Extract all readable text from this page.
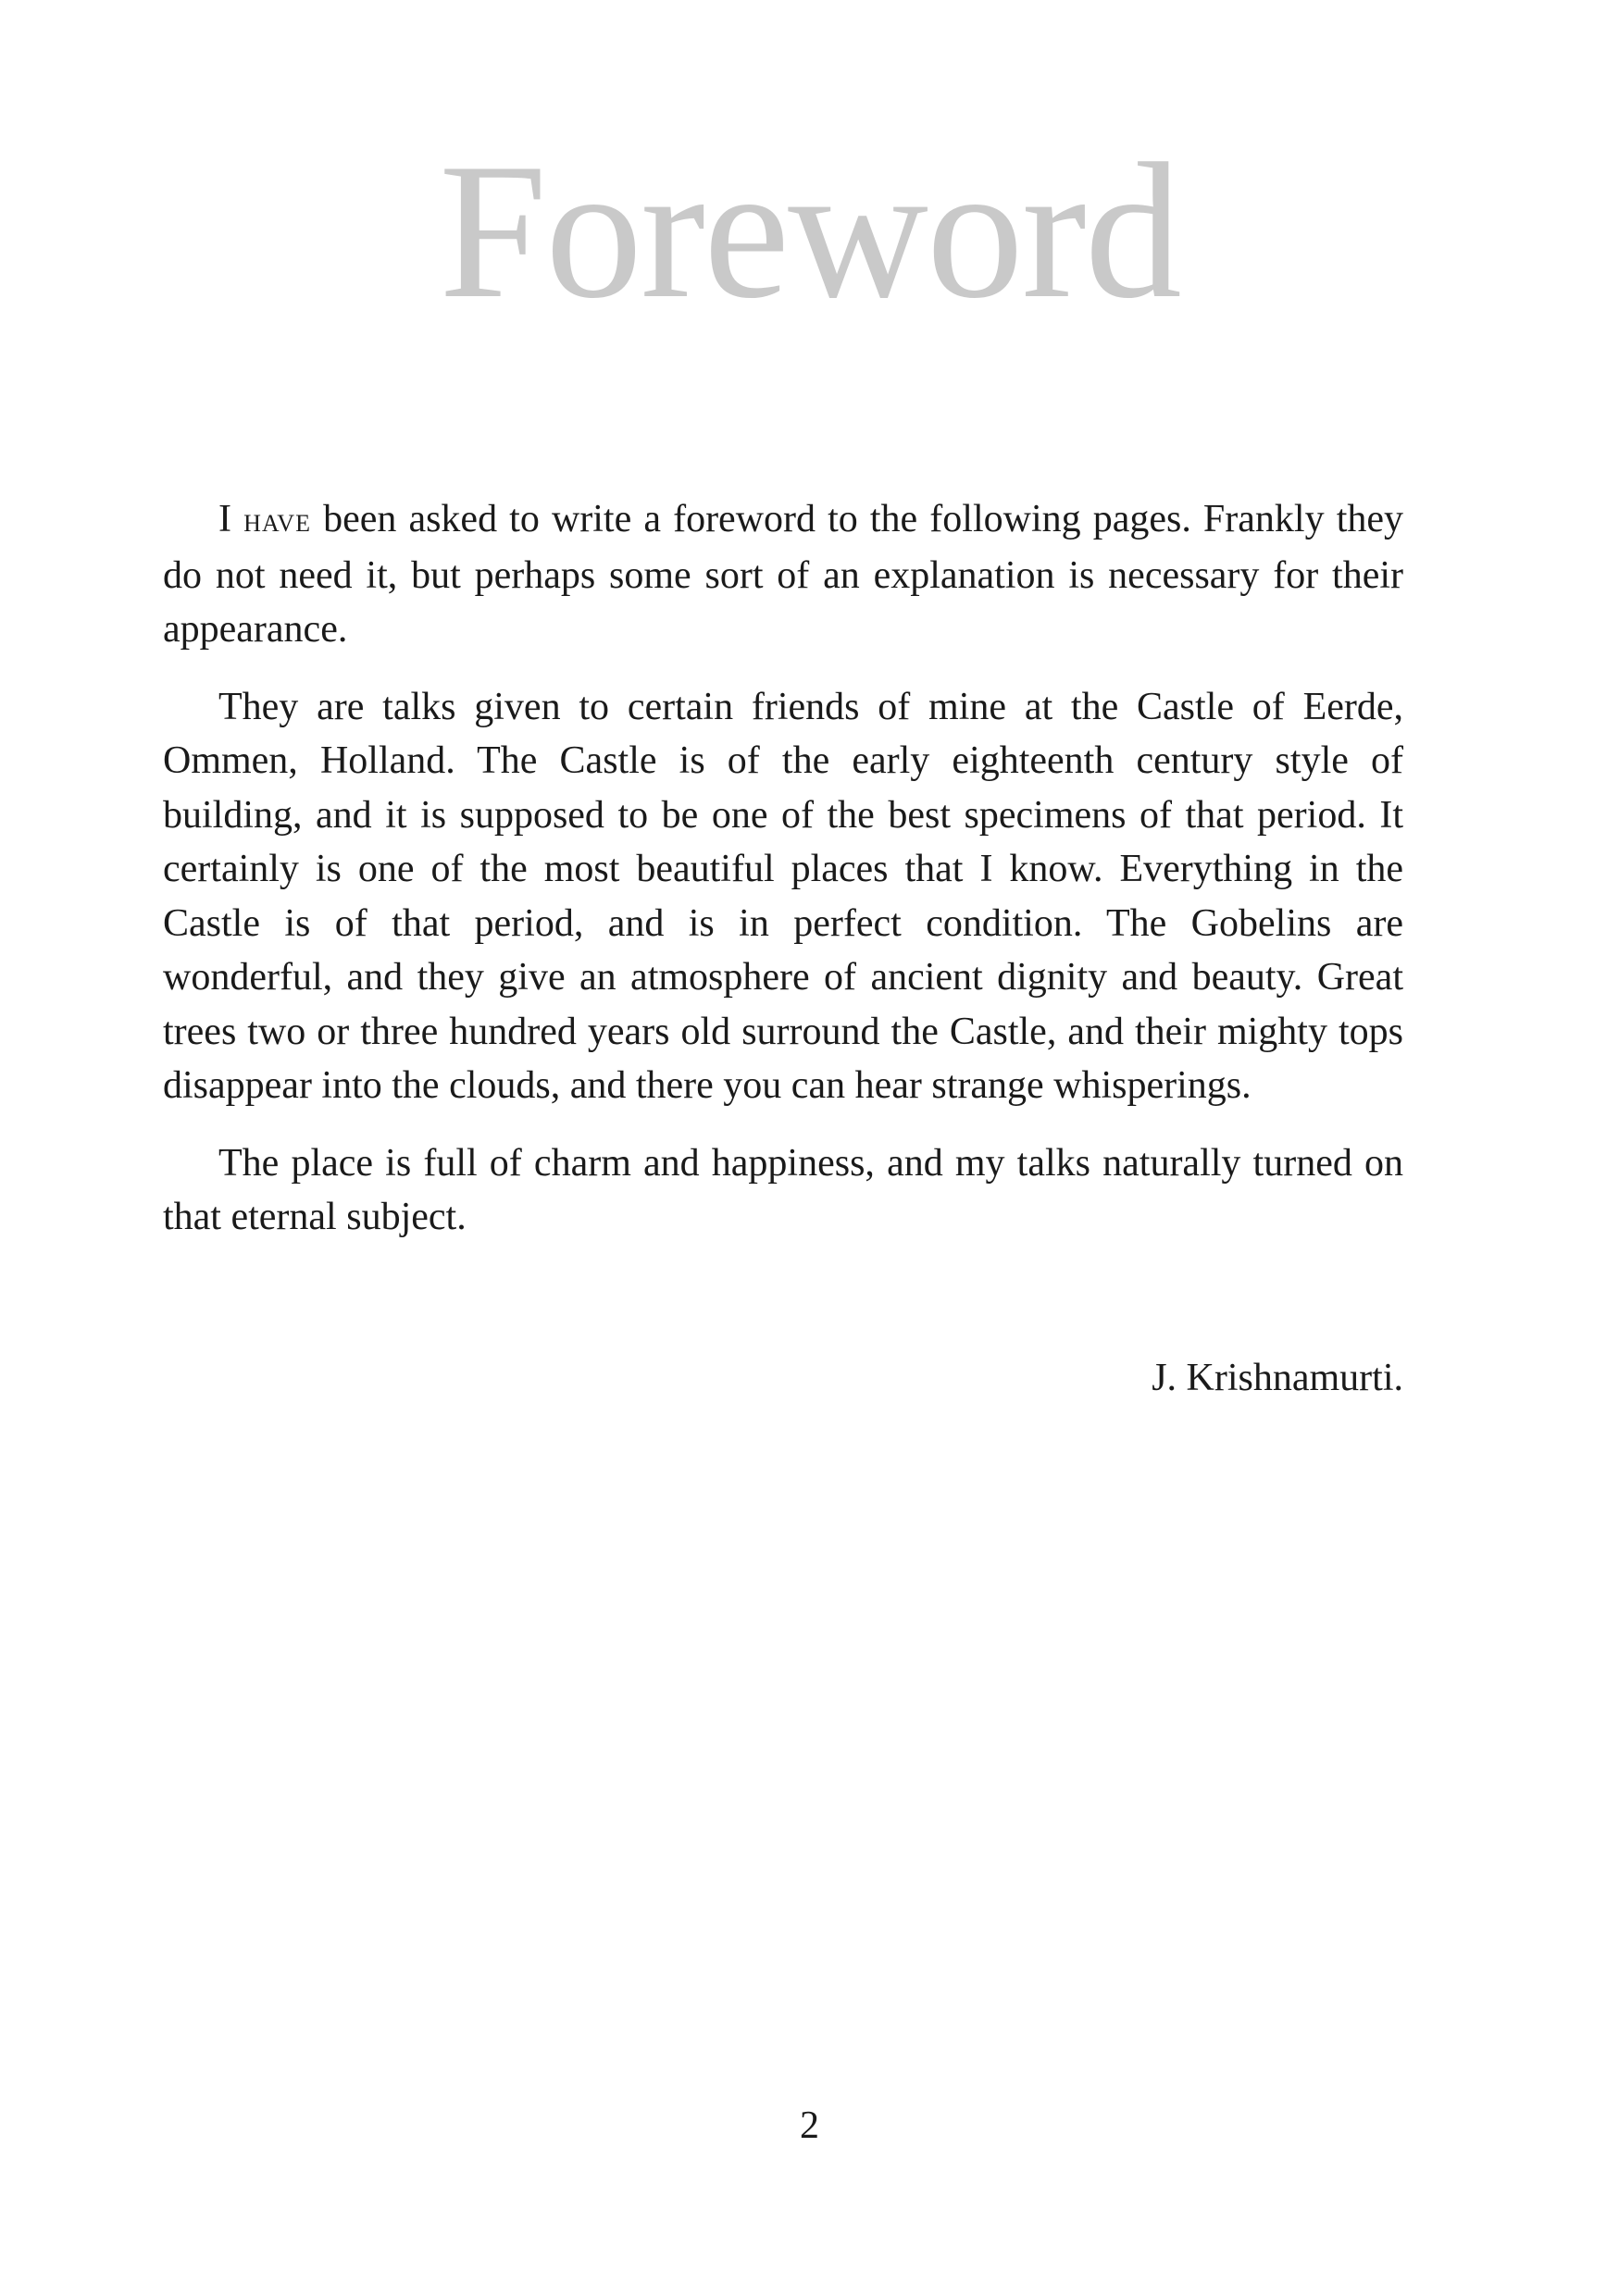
Foreword

I have been asked to write a foreword to the following pages. Frankly they do not need it, but perhaps some sort of an explanation is necessary for their appearance.

They are talks given to certain friends of mine at the Castle of Eerde, Ommen, Holland. The Castle is of the early eighteenth century style of building, and it is supposed to be one of the best specimens of that period. It certainly is one of the most beautiful places that I know. Everything in the Castle is of that period, and is in perfect condition. The Gobelins are wonderful, and they give an atmosphere of ancient dignity and beauty. Great trees two or three hundred years old surround the Castle, and their mighty tops disappear into the clouds, and there you can hear strange whisperings.

The place is full of charm and happiness, and my talks naturally turned on that eternal subject.

J. Krishnamurti.
2
